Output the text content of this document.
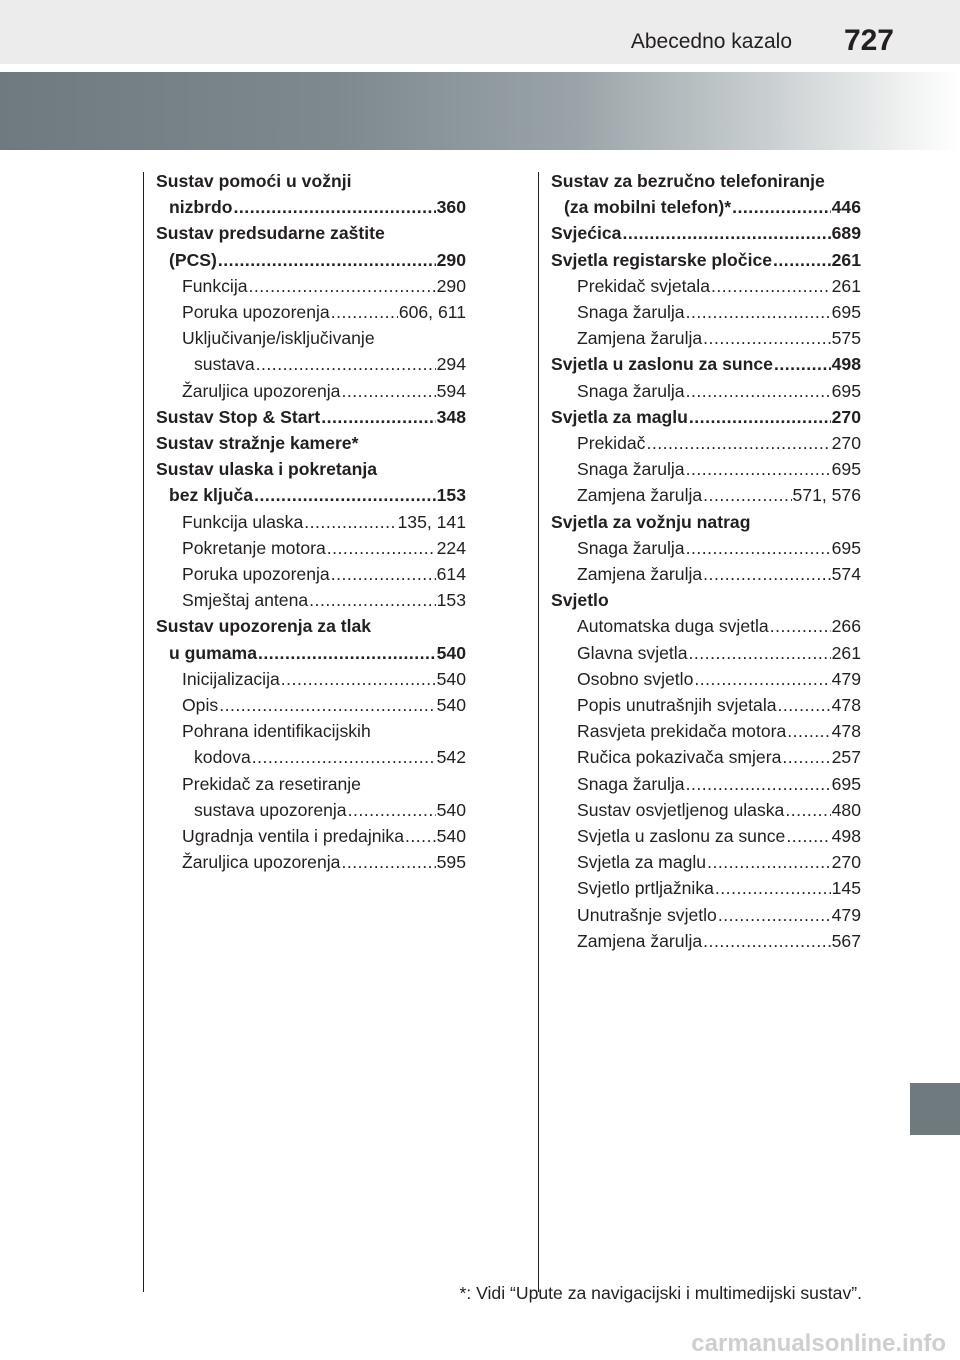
Abecedno kazalo 727
Sustav pomoći u vožnji
nizbrdo .....	360
Sustav predsudarne zaštite
(PCS) .....	290
Funkcija .....	290
Poruka upozorenja .....	606, 611
Uključivanje/isključivanje
sustava .....	294
Žaruljica upozorenja .....	594
Sustav Stop & Start .....	348
Sustav stražnje kamere*
Sustav ulaska i pokretanja
bez ključa .....	153
Funkcija ulaska .....	135, 141
Pokretanje motora .....	224
Poruka upozorenja .....	614
Smještaj antena .....	153
Sustav upozorenja za tlak
u gumama .....	540
Inicijalizacija .....	540
Opis .....	540
Pohrana identifikacijskih
kodova .....	542
Prekidač za resetiranje
sustava upozorenja .....	540
Ugradnja ventila i predajnika ..... 540
Žaruljica upozorenja .....	595
Sustav za bezručno telefoniranje
(za mobilni telefon)* .....	446
Svjećica .....	689
Svjetla registarske pločice .....	261
Prekidač svjetala .....	261
Snaga žarulja .....	695
Zamjena žarulja .....	575
Svjetla u zaslonu za sunce .....	498
Snaga žarulja .....	695
Svjetla za maglu .....	270
Prekidač .....	270
Snaga žarulja .....	695
Zamjena žarulja .....	571, 576
Svjetla za vožnju natrag
Snaga žarulja .....	695
Zamjena žarulja .....	574
Svjetlo
Automatska duga svjetla .....	266
Glavna svjetla .....	261
Osobno svjetlo .....	479
Popis unutrašnjih svjetala .....	478
Rasvjeta prekidača motora .....	478
Ručica pokazivača smjera .....	257
Snaga žarulja .....	695
Sustav osvjetljenog ulaska .....	480
Svjetla u zaslonu za sunce .....	498
Svjetla za maglu .....	270
Svjetlo prtljažnika .....	145
Unutrašnje svjetlo .....	479
Zamjena žarulja .....	567
*: Vidi “Upute za navigacijski i multimedijski sustav”.
carmanualsonline.info
